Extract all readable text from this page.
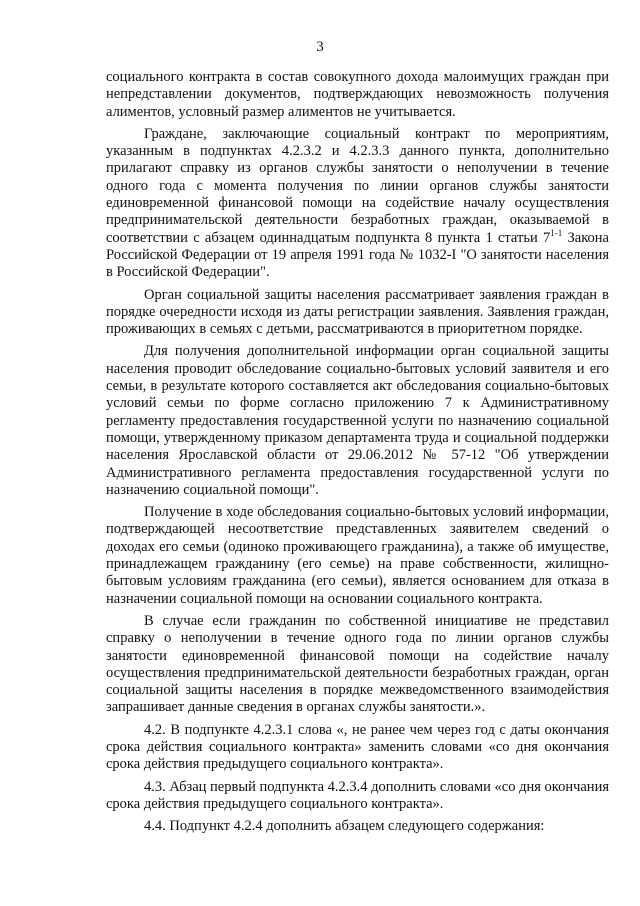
3

социального контракта в состав совокупного дохода малоимущих граждан при непредставлении документов, подтверждающих невозможность получения алиментов, условный размер алиментов не учитывается.

Граждане, заключающие социальный контракт по мероприятиям, указанным в подпунктах 4.2.3.2 и 4.2.3.3 данного пункта, дополнительно прилагают справку из органов службы занятости о неполучении в течение одного года с момента получения по линии органов службы занятости единовременной финансовой помощи на содействие началу осуществления предпринимательской деятельности безработных граждан, оказываемой в соответствии с абзацем одиннадцатым подпункта 8 пункта 1 статьи 7$^{1-1}$ Закона Российской Федерации от 19 апреля 1991 года № 1032-I "О занятости населения в Российской Федерации".

Орган социальной защиты населения рассматривает заявления граждан в порядке очередности исходя из даты регистрации заявления. Заявления граждан, проживающих в семьях с детьми, рассматриваются в приоритетном порядке.

Для получения дополнительной информации орган социальной защиты населения проводит обследование социально-бытовых условий заявителя и его семьи, в результате которого составляется акт обследования социально-бытовых условий семьи по форме согласно приложению 7 к Административному регламенту предоставления государственной услуги по назначению социальной помощи, утвержденному приказом департамента труда и социальной поддержки населения Ярославской области от 29.06.2012 № 57-12 "Об утверждении Административного регламента предоставления государственной услуги по назначению социальной помощи".

Получение в ходе обследования социально-бытовых условий информации, подтверждающей несоответствие представленных заявителем сведений о доходах его семьи (одиноко проживающего гражданина), а также об имуществе, принадлежащем гражданину (его семье) на праве собственности, жилищно-бытовым условиям гражданина (его семьи), является основанием для отказа в назначении социальной помощи на основании социального контракта.

В случае если гражданин по собственной инициативе не представил справку о неполучении в течение одного года по линии органов службы занятости единовременной финансовой помощи на содействие началу осуществления предпринимательской деятельности безработных граждан, орган социальной защиты населения в порядке межведомственного взаимодействия запрашивает данные сведения в органах службы занятости.».

4.2. В подпункте 4.2.3.1 слова «, не ранее чем через год с даты окончания срока действия социального контракта» заменить словами «со дня окончания срока действия предыдущего социального контракта».

4.3. Абзац первый подпункта 4.2.3.4 дополнить словами «со дня окончания срока действия предыдущего социального контракта».

4.4. Подпункт 4.2.4 дополнить абзацем следующего содержания:
